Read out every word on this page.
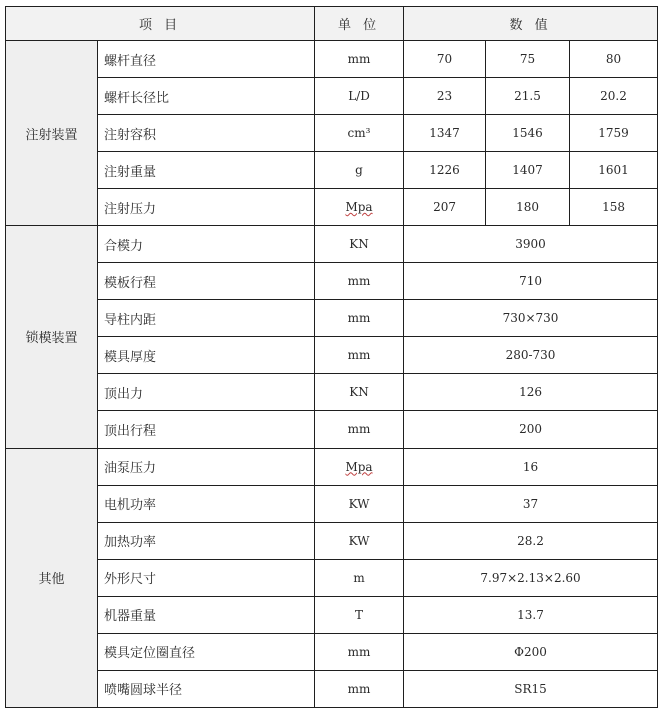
项 目		单 位	数 值		
注射装置	螺杆直径	mm	70	75	80
	螺杆长径比	L/D	23	21.5	20.2
	注射容积	cm³	1347	1546	1759
	注射重量	g	1226	1407	1601
	注射压力	Mpa	207	180	158
锁模装置	合模力	KN	3900		
	模板行程	mm	710		
	导柱内距	mm	730×730		
	模具厚度	mm	280-730		
	顶出力	KN	126		
	顶出行程	mm	200		
其他	油泵压力	Mpa	16		
	电机功率	KW	37		
	加热功率	KW	28.2		
	外形尺寸	m	7.97×2.13×2.60		
	机器重量	T	13.7		
	模具定位圈直径	mm	Φ200		
	喷嘴圆球半径	mm	SR15		
